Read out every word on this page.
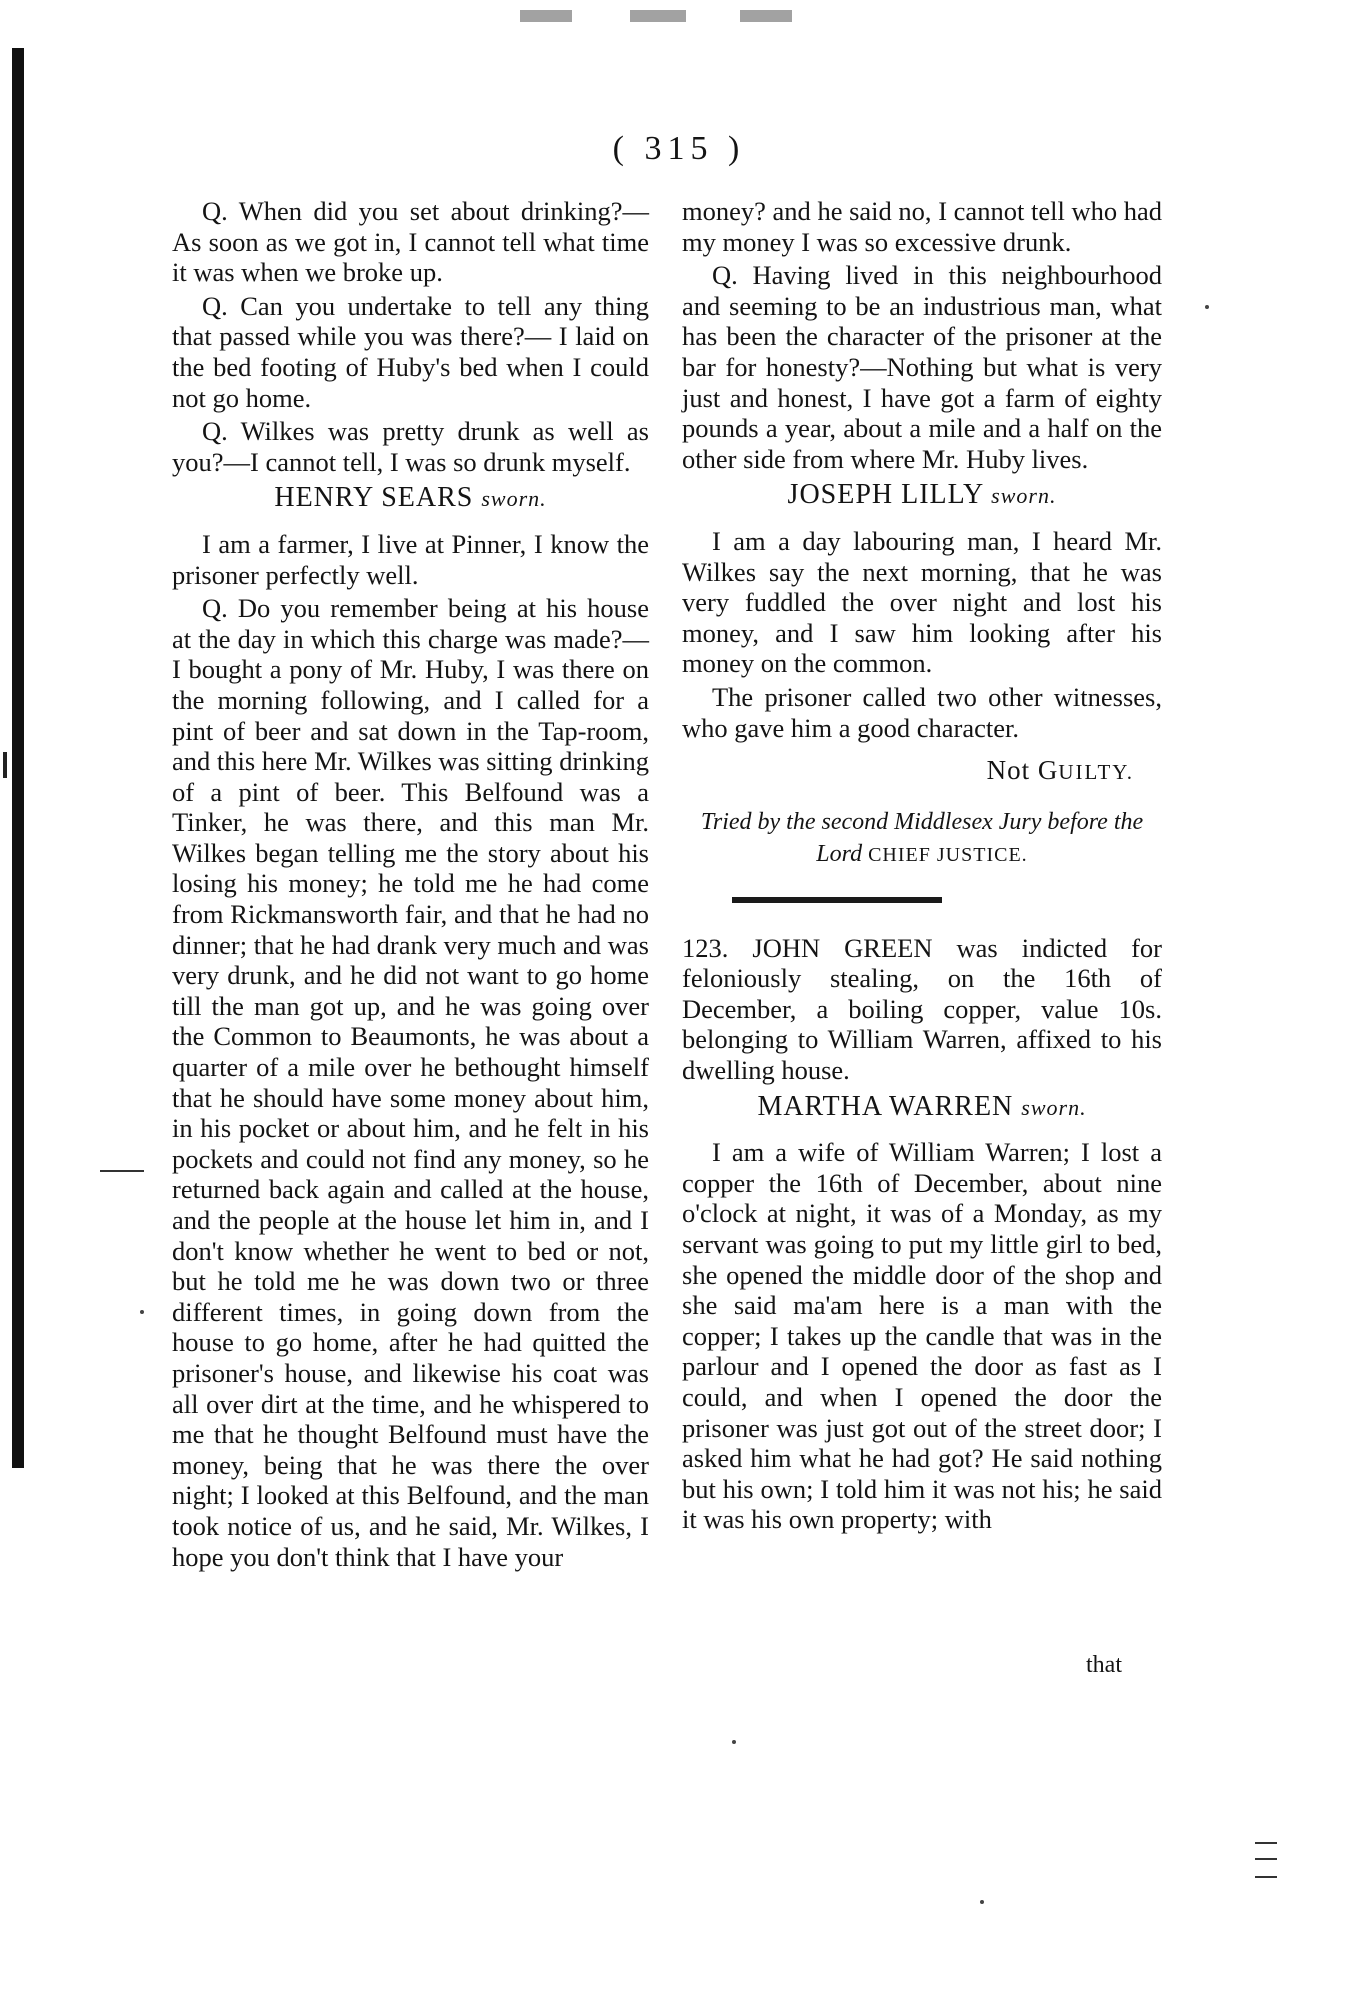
( 315 )

Q. When did you set about drinking?— As soon as we got in, I cannot tell what time it was when we broke up.

Q. Can you undertake to tell any thing that passed while you was there?— I laid on the bed footing of Huby's bed when I could not go home.

Q. Wilkes was pretty drunk as well as you?—I cannot tell, I was so drunk myself.

HENRY SEARS sworn.

I am a farmer, I live at Pinner, I know the prisoner perfectly well.

Q. Do you remember being at his house at the day in which this charge was made?—I bought a pony of Mr. Huby, I was there on the morning following, and I called for a pint of beer and sat down in the Tap-room, and this here Mr. Wilkes was sitting drinking of a pint of beer. This Belfound was a Tinker, he was there, and this man Mr. Wilkes began telling me the story about his losing his money; he told me he had come from Rickmansworth fair, and that he had no dinner; that he had drank very much and was very drunk, and he did not want to go home till the man got up, and he was going over the Common to Beaumonts, he was about a quarter of a mile over he bethought himself that he should have some money about him, in his pocket or about him, and he felt in his pockets and could not find any money, so he returned back again and called at the house, and the people at the house let him in, and I don't know whether he went to bed or not, but he told me he was down two or three different times, in going down from the house to go home, after he had quitted the prisoner's house, and likewise his coat was all over dirt at the time, and he whispered to me that he thought Belfound must have the money, being that he was there the over night; I looked at this Belfound, and the man took notice of us, and he said, Mr. Wilkes, I hope you don't think that I have your

money? and he said no, I cannot tell who had my money I was so excessive drunk.

Q. Having lived in this neighbourhood and seeming to be an industrious man, what has been the character of the prisoner at the bar for honesty?—Nothing but what is very just and honest, I have got a farm of eighty pounds a year, about a mile and a half on the other side from where Mr. Huby lives.

JOSEPH LILLY sworn.

I am a day labouring man, I heard Mr. Wilkes say the next morning, that he was very fuddled the over night and lost his money, and I saw him looking after his money on the common.

The prisoner called two other witnesses, who gave him a good character.

Not GUILTY.
Tried by the second Middlesex Jury before the Lord CHIEF JUSTICE.

123. JOHN GREEN was indicted for feloniously stealing, on the 16th of December, a boiling copper, value 10s. belonging to William Warren, affixed to his dwelling house.

MARTHA WARREN sworn.

I am a wife of William Warren; I lost a copper the 16th of December, about nine o'clock at night, it was of a Monday, as my servant was going to put my little girl to bed, she opened the middle door of the shop and she said ma'am here is a man with the copper; I takes up the candle that was in the parlour and I opened the door as fast as I could, and when I opened the door the prisoner was just got out of the street door; I asked him what he had got? He said nothing but his own; I told him it was not his; he said it was his own property; with

that
